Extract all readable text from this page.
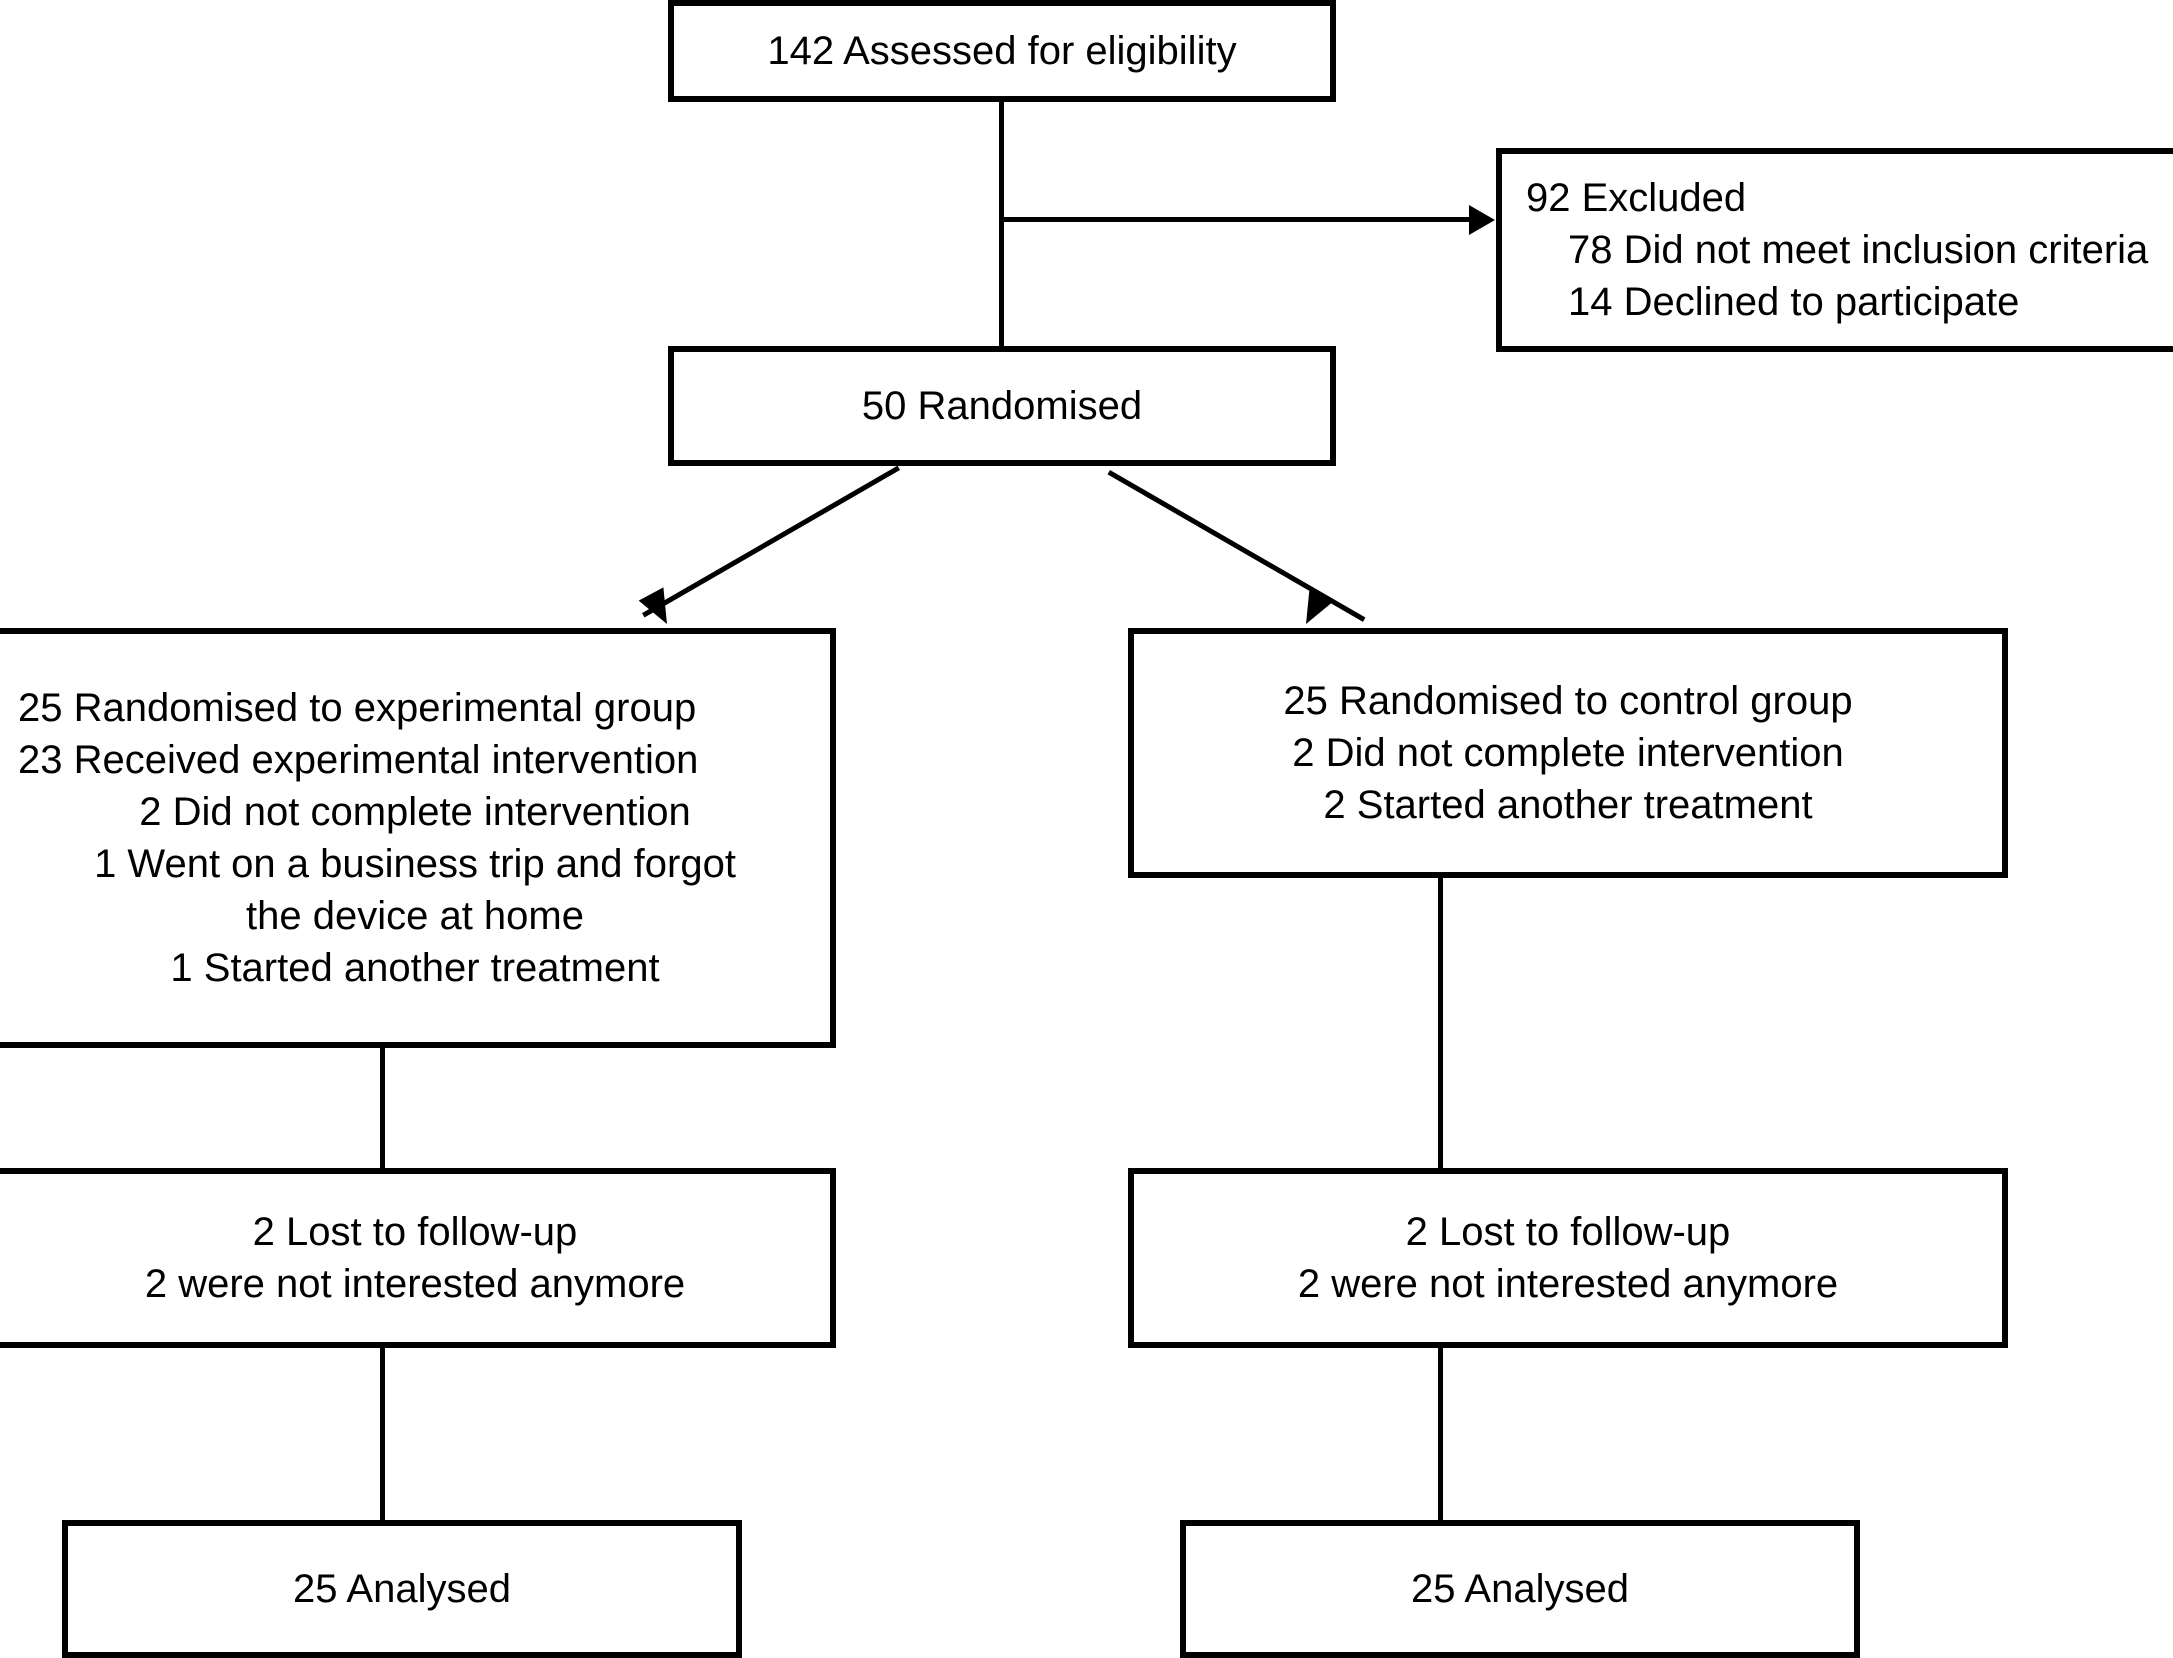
142 Assessed for eligibility
92 Excluded
78 Did not meet inclusion criteria
14 Declined to participate
50 Randomised
25 Randomised to experimental group
23 Received experimental intervention
2 Did not complete intervention
1 Went on a business trip and forgot
the device at home
1 Started another treatment
25 Randomised to control group
2 Did not complete intervention
2 Started another treatment
2 Lost to follow-up
2 were not interested anymore
2 Lost to follow-up
2 were not interested anymore
25 Analysed	25 Analysed
